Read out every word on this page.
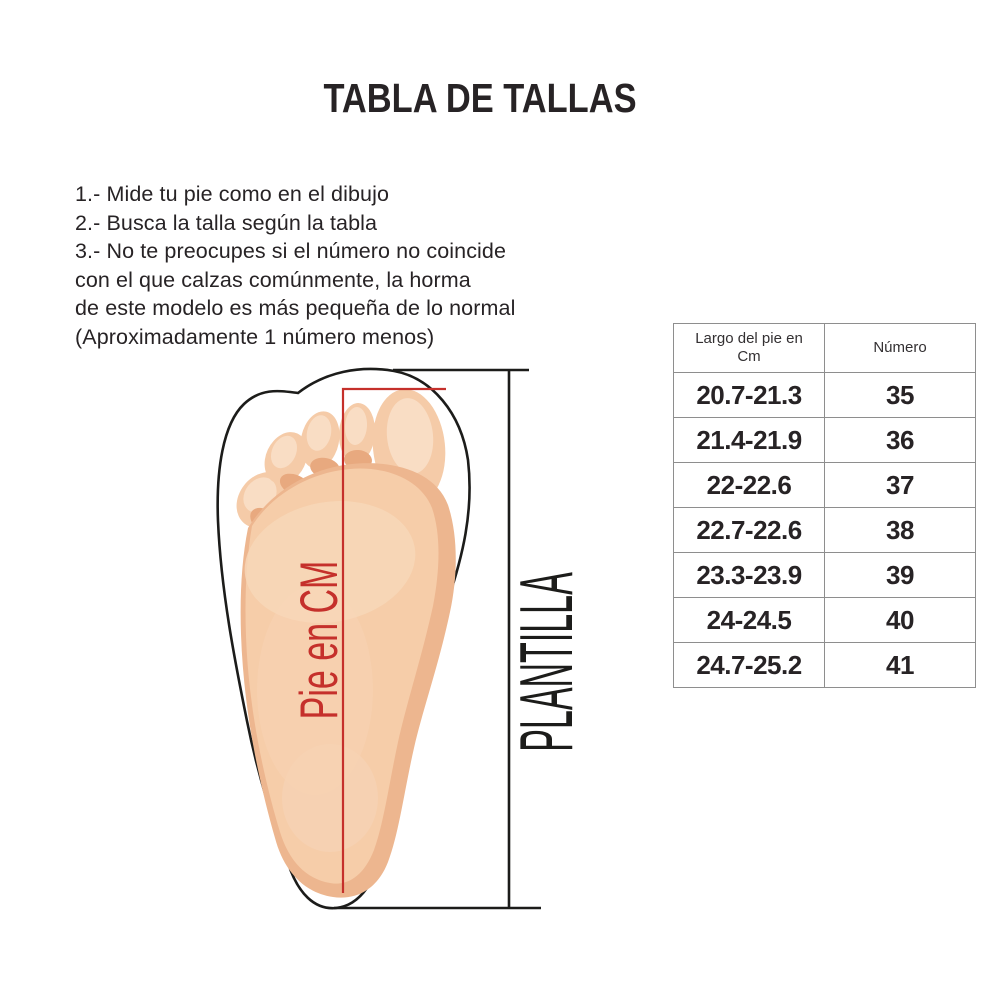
TABLA DE TALLAS
1.- Mide tu pie como en el dibujo
2.- Busca la talla según la tabla
3.- No te preocupes si el número no coincide
con el que calzas comúnmente, la horma
de este modelo es más pequeña de lo normal
(Aproximadamente 1 número menos)
Pie en CM	PLANTILLA
Largo del pie en Cm	Número
20.7-21.3	35
21.4-21.9	36
22-22.6	37
22.7-22.6	38
23.3-23.9	39
24-24.5	40
24.7-25.2	41
